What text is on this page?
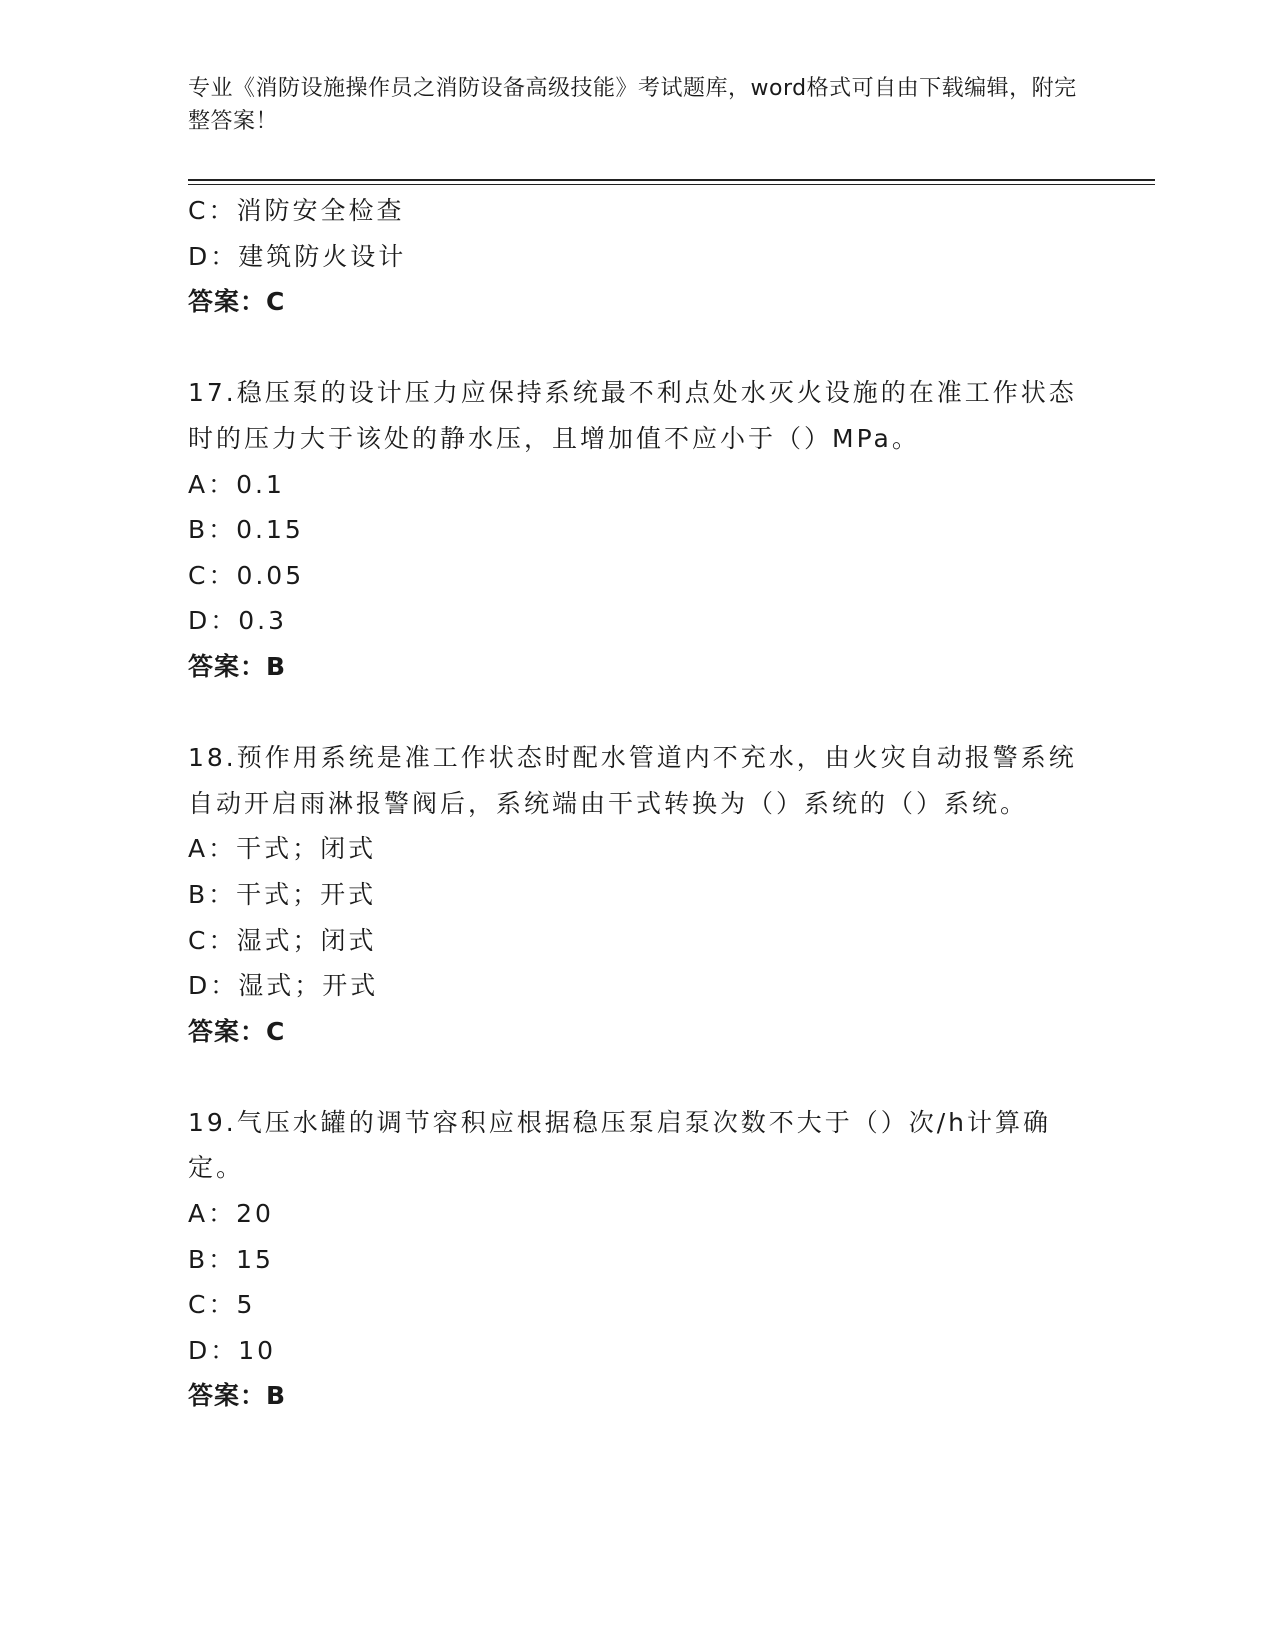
专业《消防设施操作员之消防设备高级技能》考试题库，word格式可自由下载编辑，附完整答案！
C：消防安全检查
D：建筑防火设计
答案：C
17.稳压泵的设计压力应保持系统最不利点处水灭火设施的在准工作状态时的压力大于该处的静水压，且增加值不应小于（）MPa。
A：0.1
B：0.15
C：0.05
D：0.3
答案：B
18.预作用系统是准工作状态时配水管道内不充水，由火灾自动报警系统自动开启雨淋报警阀后，系统端由干式转换为（）系统的（）系统。
A：干式；闭式
B：干式；开式
C：湿式；闭式
D：湿式；开式
答案：C
19.气压水罐的调节容积应根据稳压泵启泵次数不大于（）次/h计算确定。
A：20
B：15
C：5
D：10
答案：B
